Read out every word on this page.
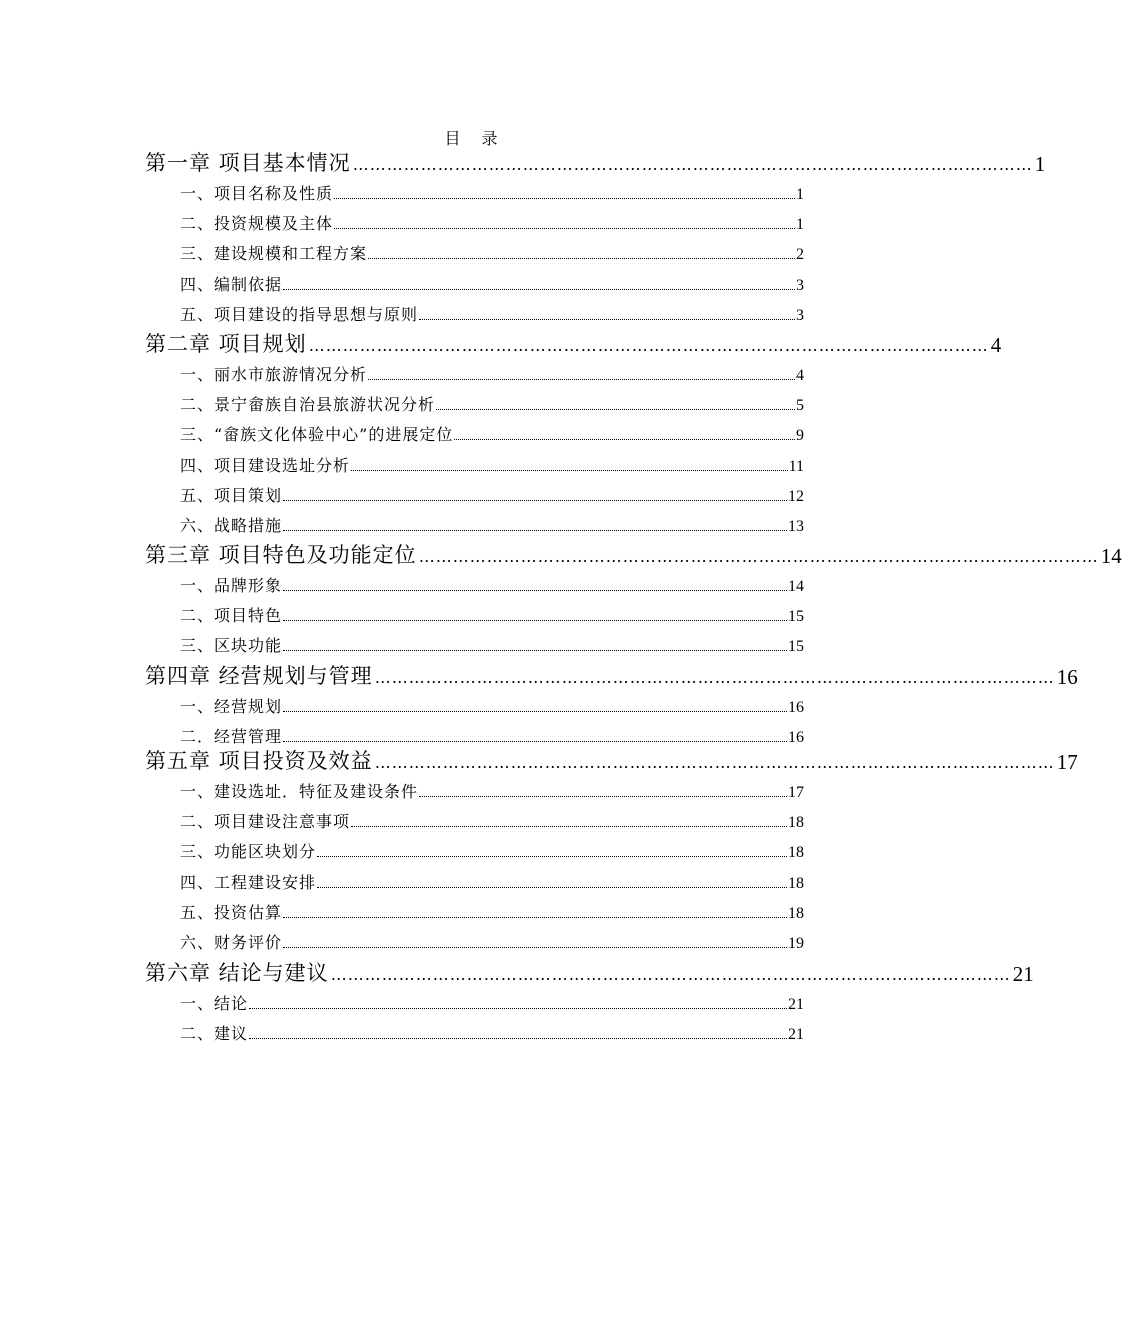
目 录
第一章 项目基本情况 ………………………………………………………………………………………………………… 1
一、项目名称及性质	1
二、投资规模及主体	1
三、建设规模和工程方案	2
四、编制依据	3
五、项目建设的指导思想与原则	3
第二章 项目规划 ………………………………………………………………………………………………………… 4
一、丽水市旅游情况分析	4
二、景宁畲族自治县旅游状况分析	5
三、“畲族文化体验中心”的进展定位	9
四、项目建设选址分析	11
五、项目策划	12
六、战略措施	13
第三章 项目特色及功能定位 ………………………………………………………………………………………………………… 14
一、品牌形象	14
二、项目特色	15
三、区块功能	15
第四章 经营规划与管理 ………………………………………………………………………………………………………… 16
一、经营规划	16
二．经营管理	16
第五章 项目投资及效益 ………………………………………………………………………………………………………… 17
一、建设选址．特征及建设条件	17
二、项目建设注意事项	18
三、功能区块划分	18
四、工程建设安排	18
五、投资估算	18
六、财务评价	19
第六章 结论与建议 ………………………………………………………………………………………………………… 21
一、结论	21
二、建议	21
